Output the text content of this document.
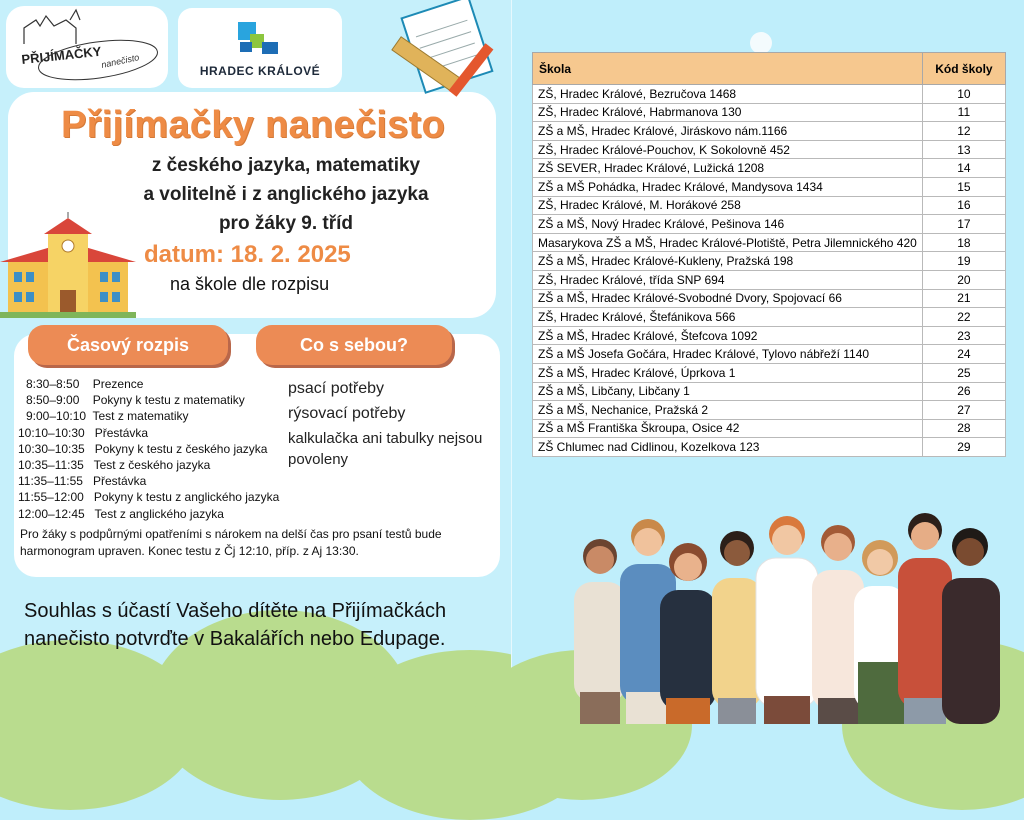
PŘIJÍMAČKY
nanečisto
HRADEC KRÁLOVÉ
Přijímačky nanečisto
z českého jazyka, matematiky
a volitelně i z anglického jazyka
pro žáky 9. tříd
datum: 18. 2. 2025
na škole dle rozpisu
Časový rozpis	Co s sebou?
8:30–8:50    Prezence
8:50–9:00    Pokyny k testu z matematiky
9:00–10:10  Test z matematiky
10:10–10:30   Přestávka
10:30–10:35   Pokyny k testu z českého jazyka
10:35–11:35   Test z českého jazyka
11:35–11:55   Přestávka
11:55–12:00   Pokyny k testu z anglického jazyka
12:00–12:45   Test z anglického jazyka
psací potřeby
rýsovací potřeby
kalkulačka ani tabulky nejsou povoleny
Pro žáky s podpůrnými opatřeními s nárokem na delší čas pro psaní testů bude harmonogram upraven. Konec testu z Čj 12:10, příp. z Aj 13:30.
Souhlas s účastí Vašeho dítěte na Přijímačkách nanečisto potvrďte v Bakalářích nebo Edupage.
Škola	Kód školy
ZŠ, Hradec Králové, Bezručova 1468	10
ZŠ, Hradec Králové, Habrmanova 130	11
ZŠ a MŠ, Hradec Králové, Jiráskovo nám.1166	12
ZŠ, Hradec Králové-Pouchov, K Sokolovně 452	13
ZŠ SEVER, Hradec Králové, Lužická 1208	14
ZŠ a MŠ Pohádka, Hradec Králové, Mandysova 1434	15
ZŠ, Hradec Králové, M. Horákové 258	16
ZŠ a MŠ, Nový Hradec Králové, Pešinova 146	17
Masarykova ZŠ a MŠ, Hradec Králové-Plotiště, Petra Jilemnického 420	18
ZŠ a MŠ, Hradec Králové-Kukleny, Pražská 198	19
ZŠ, Hradec Králové, třída SNP 694	20
ZŠ a MŠ, Hradec Králové-Svobodné Dvory, Spojovací 66	21
ZŠ, Hradec Králové, Štefánikova 566	22
ZŠ a MŠ, Hradec Králové, Štefcova 1092	23
ZŠ a MŠ Josefa Gočára, Hradec Králové, Tylovo nábřeží 1140	24
ZŠ a MŠ, Hradec Králové, Úprkova 1	25
ZŠ a MŠ, Libčany, Libčany 1	26
ZŠ a MŠ, Nechanice, Pražská 2	27
ZŠ a MŠ Františka Škroupa, Osice 42	28
ZŠ Chlumec nad Cidlinou, Kozelkova 123	29
